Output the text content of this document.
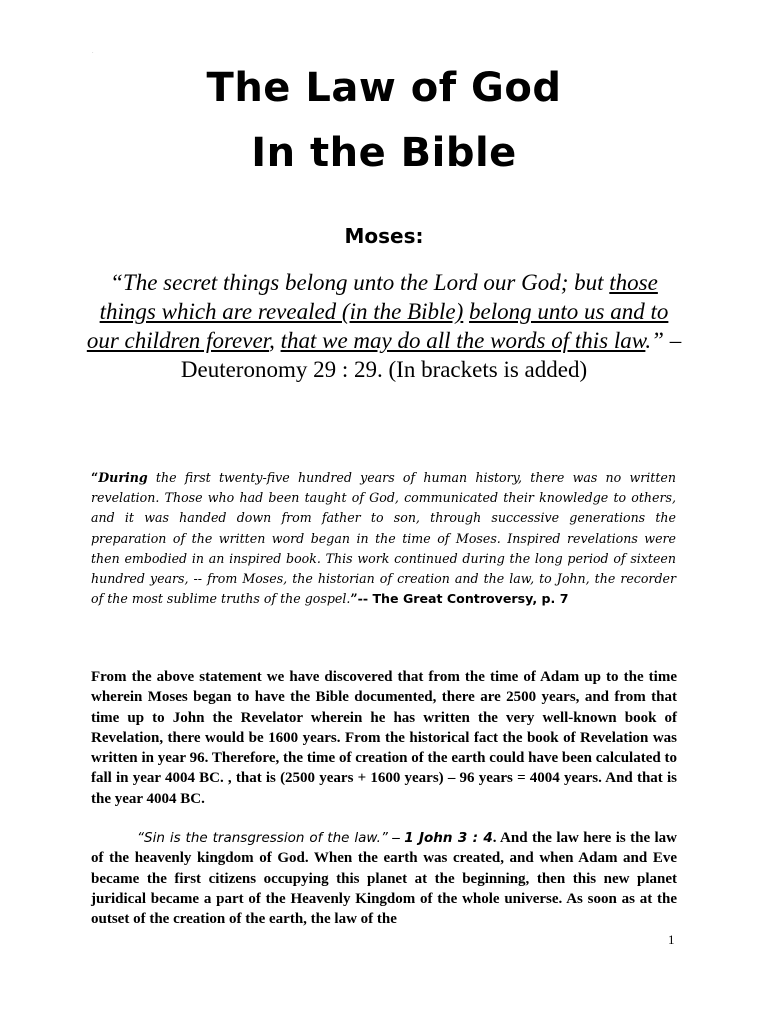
·
The Law of God
In the Bible
Moses:

“The secret things belong unto the Lord our God; but those things which are revealed (in the Bible) belong unto us and to our children forever, that we may do all the words of this law.” – Deuteronomy 29 : 29. (In brackets is added)

“During the first twenty-five hundred years of human history, there was no written revelation. Those who had been taught of God, communicated their knowledge to others, and it was handed down from father to son, through successive generations the preparation of the written word began in the time of Moses. Inspired revelations were then embodied in an inspired book. This work continued during the long period of sixteen hundred years, -- from Moses, the historian of creation and the law, to John, the recorder of the most sublime truths of the gospel.”-- The Great Controversy, p. 7

From the above statement we have discovered that from the time of Adam up to the time wherein Moses began to have the Bible documented, there are 2500 years, and from that time up to John the Revelator wherein he has written the very well-known book of Revelation, there would be 1600 years. From the historical fact the book of Revelation was written in year 96. Therefore, the time of creation of the earth could have been calculated to fall in year 4004 BC. , that is (2500 years + 1600 years) – 96 years = 4004 years. And that is the year 4004 BC.

“Sin is the transgression of the law.” – 1 John 3 : 4. And the law here is the law of the heavenly kingdom of God. When the earth was created, and when Adam and Eve became the first citizens occupying this planet at the beginning, then this new planet juridical became a part of the Heavenly Kingdom of the whole universe. As soon as at the outset of the creation of the earth, the law of the

1
